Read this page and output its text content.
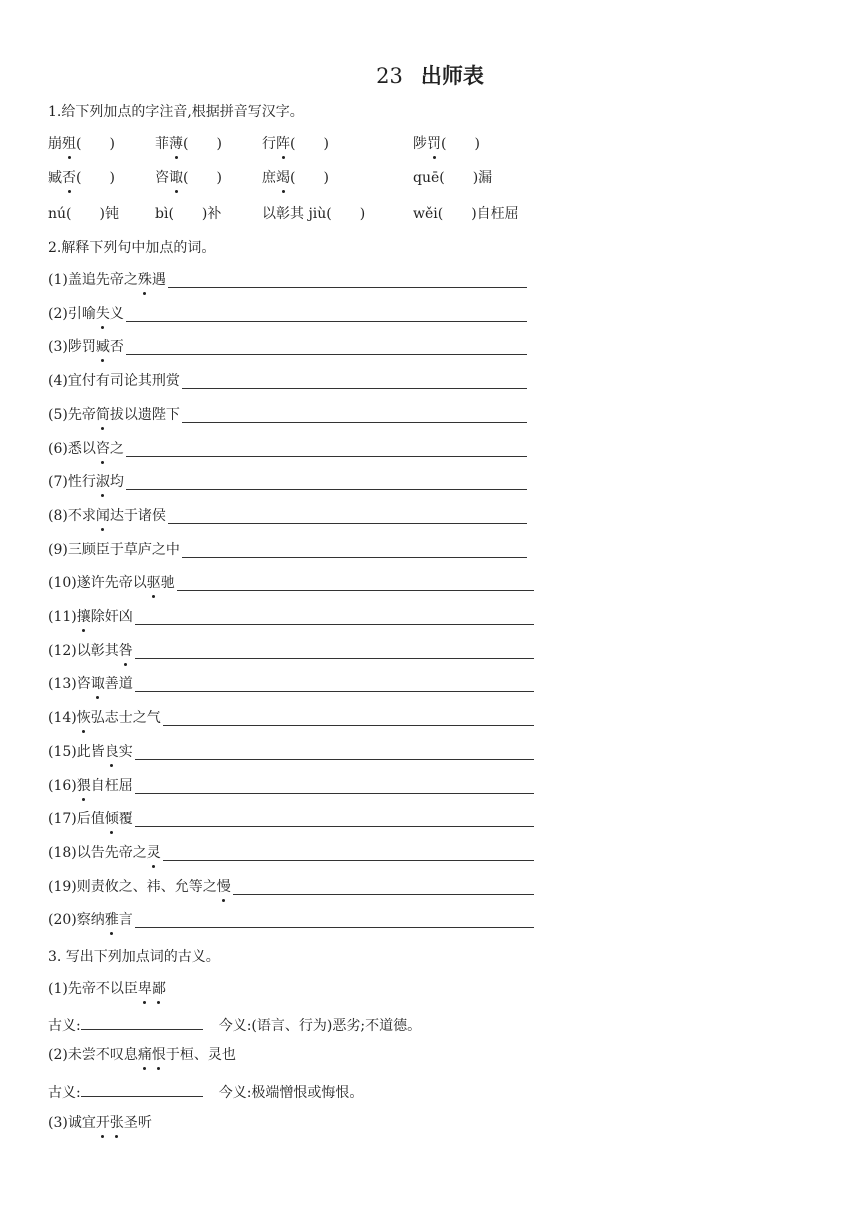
23 出师表
1.给下列加点的字注音,根据拼音写汉字。
崩殂(　　)	菲薄(　　)	行阵(　　)	陟罚(　　)
臧否(　　)	咨诹(　　)	庶竭(　　)	quē(　　)漏
nú(　　)钝	bì(　　)补	以彰其 jiù(　　)	wěi(　　)自枉屈
2.解释下列句中加点的词。
(1)盖追先帝之殊遇
(2)引喻失义
(3)陟罚臧否
(4)宜付有司论其刑赏
(5)先帝简拔以遗陛下
(6)悉以咨之
(7)性行淑均
(8)不求闻达于诸侯
(9)三顾臣于草庐之中
(10)遂许先帝以驱驰
(11)攘除奸凶
(12)以彰其咎
(13)咨诹善道
(14)恢弘志士之气
(15)此皆良实
(16)猥自枉屈
(17)后值倾覆
(18)以告先帝之灵
(19)则责攸之、祎、允等之慢
(20)察纳雅言
3. 写出下列加点词的古义。
(1)先帝不以臣卑鄙
古义:	今义:(语言、行为)恶劣;不道德。
(2)未尝不叹息痛恨于桓、灵也
古义:	今义:极端憎恨或悔恨。
(3)诚宜开张圣听
